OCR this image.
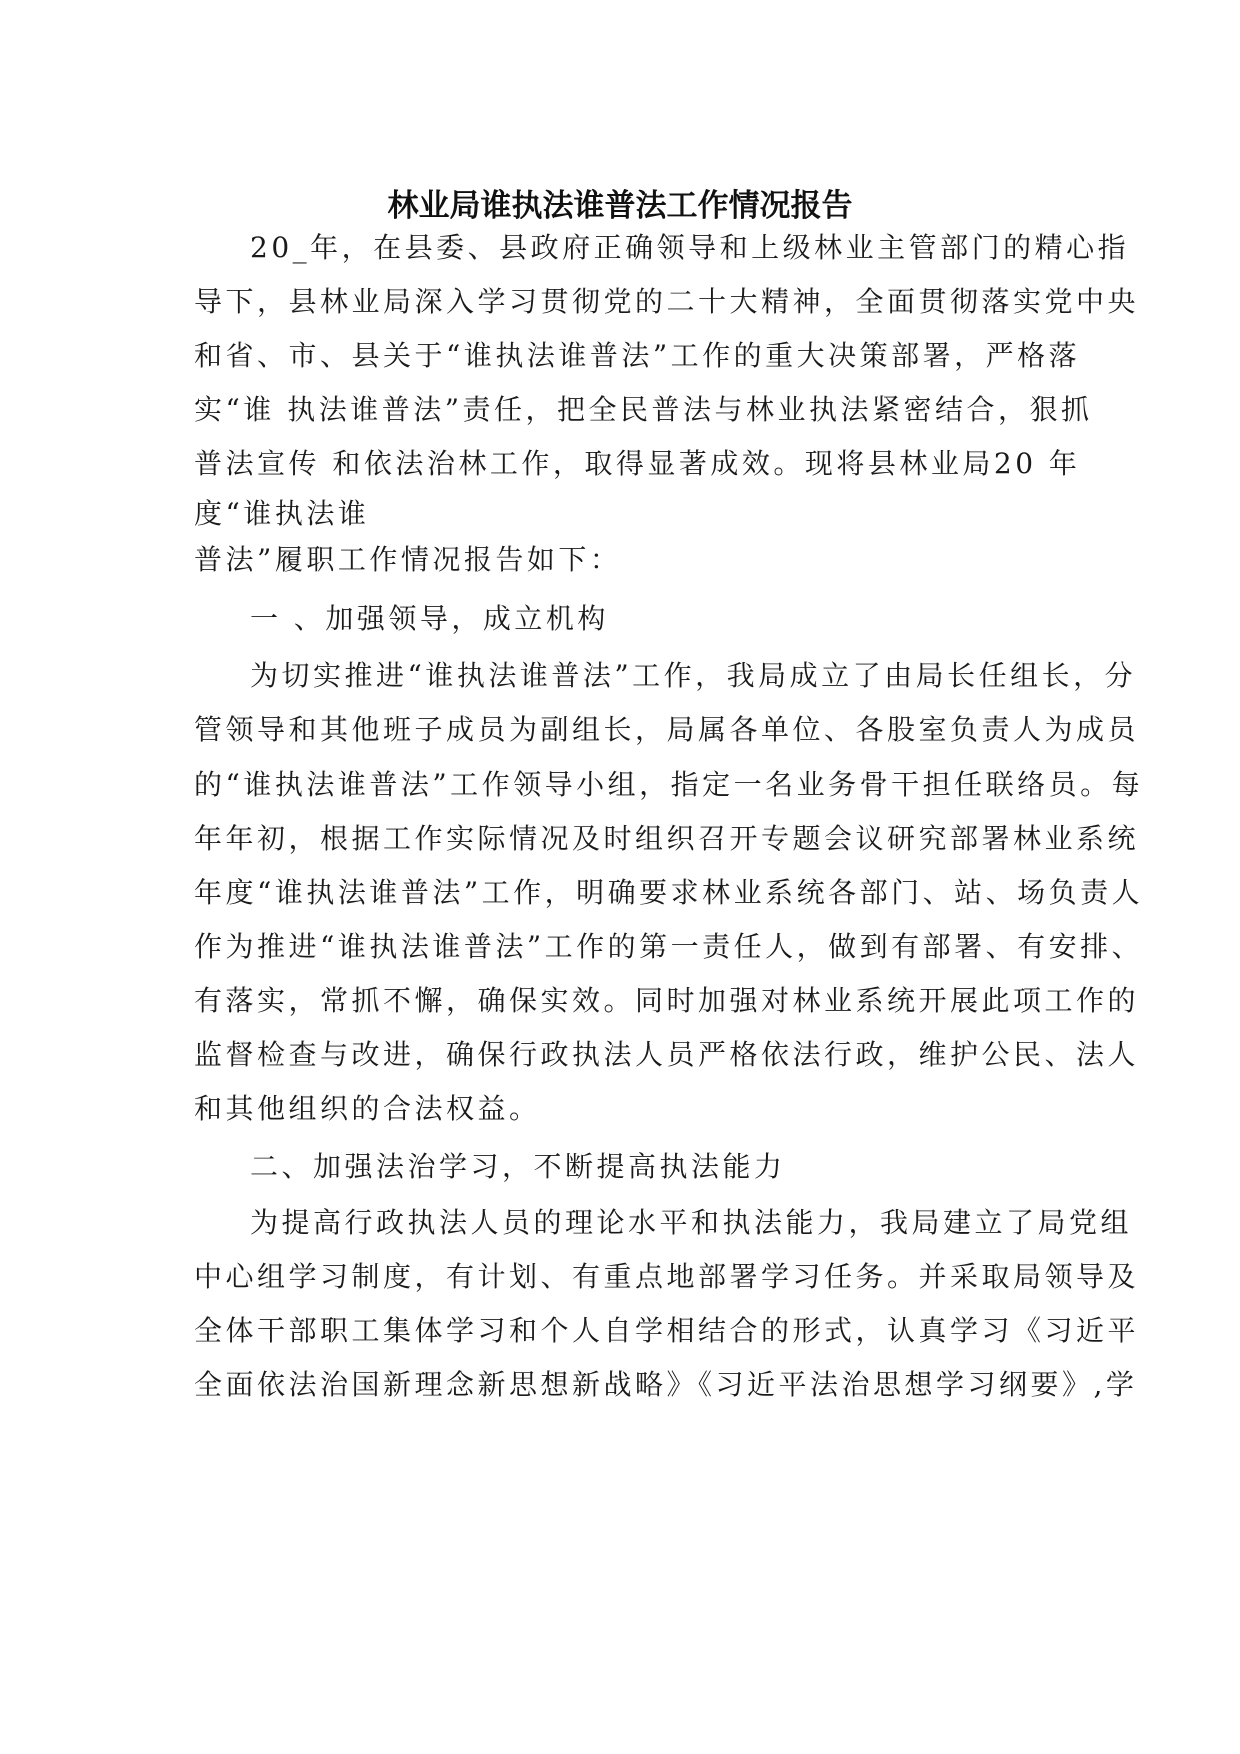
林业局谁执法谁普法工作情况报告
20_年，在县委、县政府正确领导和上级林业主管部门的精心指
导下，县林业局深入学习贯彻党的二十大精神，全面贯彻落实党中央
和省、市、县关于“谁执法谁普法”工作的重大决策部署，严格落
实“谁 执法谁普法”责任，把全民普法与林业执法紧密结合，狠抓
普法宣传 和依法治林工作，取得显著成效。现将县林业局20 年
度“谁执法谁
普法”履职工作情况报告如下：
一 、加强领导，成立机构
为切实推进“谁执法谁普法”工作，我局成立了由局长任组长，分
管领导和其他班子成员为副组长，局属各单位、各股室负责人为成员
的“谁执法谁普法”工作领导小组，指定一名业务骨干担任联络员。每
年年初，根据工作实际情况及时组织召开专题会议研究部署林业系统
年度“谁执法谁普法”工作，明确要求林业系统各部门、站、场负责人
作为推进“谁执法谁普法”工作的第一责任人，做到有部署、有安排、
有落实，常抓不懈，确保实效。同时加强对林业系统开展此项工作的
监督检查与改进，确保行政执法人员严格依法行政，维护公民、法人
和其他组织的合法权益。
二、加强法治学习，不断提高执法能力
为提高行政执法人员的理论水平和执法能力，我局建立了局党组
中心组学习制度，有计划、有重点地部署学习任务。并采取局领导及
全体干部职工集体学习和个人自学相结合的形式，认真学习《习近平
全面依法治国新理念新思想新战略》《习近平法治思想学习纲要》,学
